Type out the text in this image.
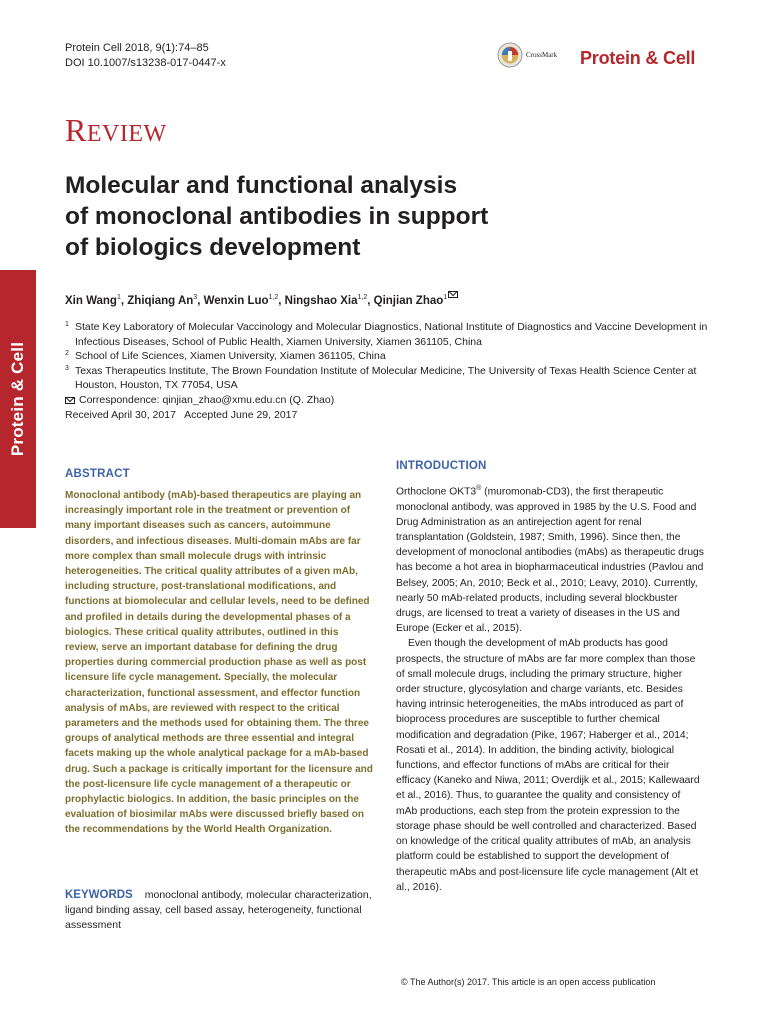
Protein & Cell
Protein Cell 2018, 9(1):74–85
DOI 10.1007/s13238-017-0447-x
CrossMark Protein & Cell
REVIEW
Molecular and functional analysis
of monoclonal antibodies in support
of biologics development
Xin Wang$^1$, Zhiqiang An$^3$, Wenxin Luo$^{1,2}$, Ningshao Xia$^{1,2}$, Qinjian Zhao$^1$
1 State Key Laboratory of Molecular Vaccinology and Molecular Diagnostics, National Institute of Diagnostics and Vaccine Development in Infectious Diseases, School of Public Health, Xiamen University, Xiamen 361105, China
2 School of Life Sciences, Xiamen University, Xiamen 361105, China
3 Texas Therapeutics Institute, The Brown Foundation Institute of Molecular Medicine, The University of Texas Health Science Center at Houston, Houston, TX 77054, USA
Correspondence: qinjian_zhao@xmu.edu.cn (Q. Zhao)
Received April 30, 2017   Accepted June 29, 2017
ABSTRACT
Monoclonal antibody (mAb)-based therapeutics are playing an increasingly important role in the treatment or prevention of many important diseases such as cancers, autoimmune disorders, and infectious diseases. Multi-domain mAbs are far more complex than small molecule drugs with intrinsic heterogeneities. The critical quality attributes of a given mAb, including structure, post-translational modifications, and functions at biomolecular and cellular levels, need to be defined and profiled in details during the developmental phases of a biologics. These critical quality attributes, outlined in this review, serve an important database for defining the drug properties during commercial production phase as well as post licensure life cycle management. Specially, the molecular characterization, functional assessment, and effector function analysis of mAbs, are reviewed with respect to the critical parameters and the methods used for obtaining them. The three groups of analytical methods are three essential and integral facets making up the whole analytical package for a mAb-based drug. Such a package is critically important for the licensure and the post-licensure life cycle management of a therapeutic or prophylactic biologics. In addition, the basic principles on the evaluation of biosimilar mAbs were discussed briefly based on the recommendations by the World Health Organization.
KEYWORDS monoclonal antibody, molecular characterization, ligand binding assay, cell based assay, heterogeneity, functional assessment
INTRODUCTION

Orthoclone OKT3® (muromonab-CD3), the first therapeutic monoclonal antibody, was approved in 1985 by the U.S. Food and Drug Administration as an antirejection agent for renal transplantation (Goldstein, 1987; Smith, 1996). Since then, the development of monoclonal antibodies (mAbs) as therapeutic drugs has become a hot area in biopharmaceutical industries (Pavlou and Belsey, 2005; An, 2010; Beck et al., 2010; Leavy, 2010). Currently, nearly 50 mAb-related products, including several blockbuster drugs, are licensed to treat a variety of diseases in the US and Europe (Ecker et al., 2015).

Even though the development of mAb products has good prospects, the structure of mAbs are far more complex than those of small molecule drugs, including the primary structure, higher order structure, glycosylation and charge variants, etc. Besides having intrinsic heterogeneities, the mAbs introduced as part of bioprocess procedures are susceptible to further chemical modification and degradation (Pike, 1967; Haberger et al., 2014; Rosati et al., 2014). In addition, the binding activity, biological functions, and effector functions of mAbs are critical for their efficacy (Kaneko and Niwa, 2011; Overdijk et al., 2015; Kallewaard et al., 2016). Thus, to guarantee the quality and consistency of mAb productions, each step from the protein expression to the storage phase should be well controlled and characterized. Based on knowledge of the critical quality attributes of mAb, an analysis platform could be established to support the development of therapeutic mAbs and post-licensure life cycle management (Alt et al., 2016).

© The Author(s) 2017. This article is an open access publication
